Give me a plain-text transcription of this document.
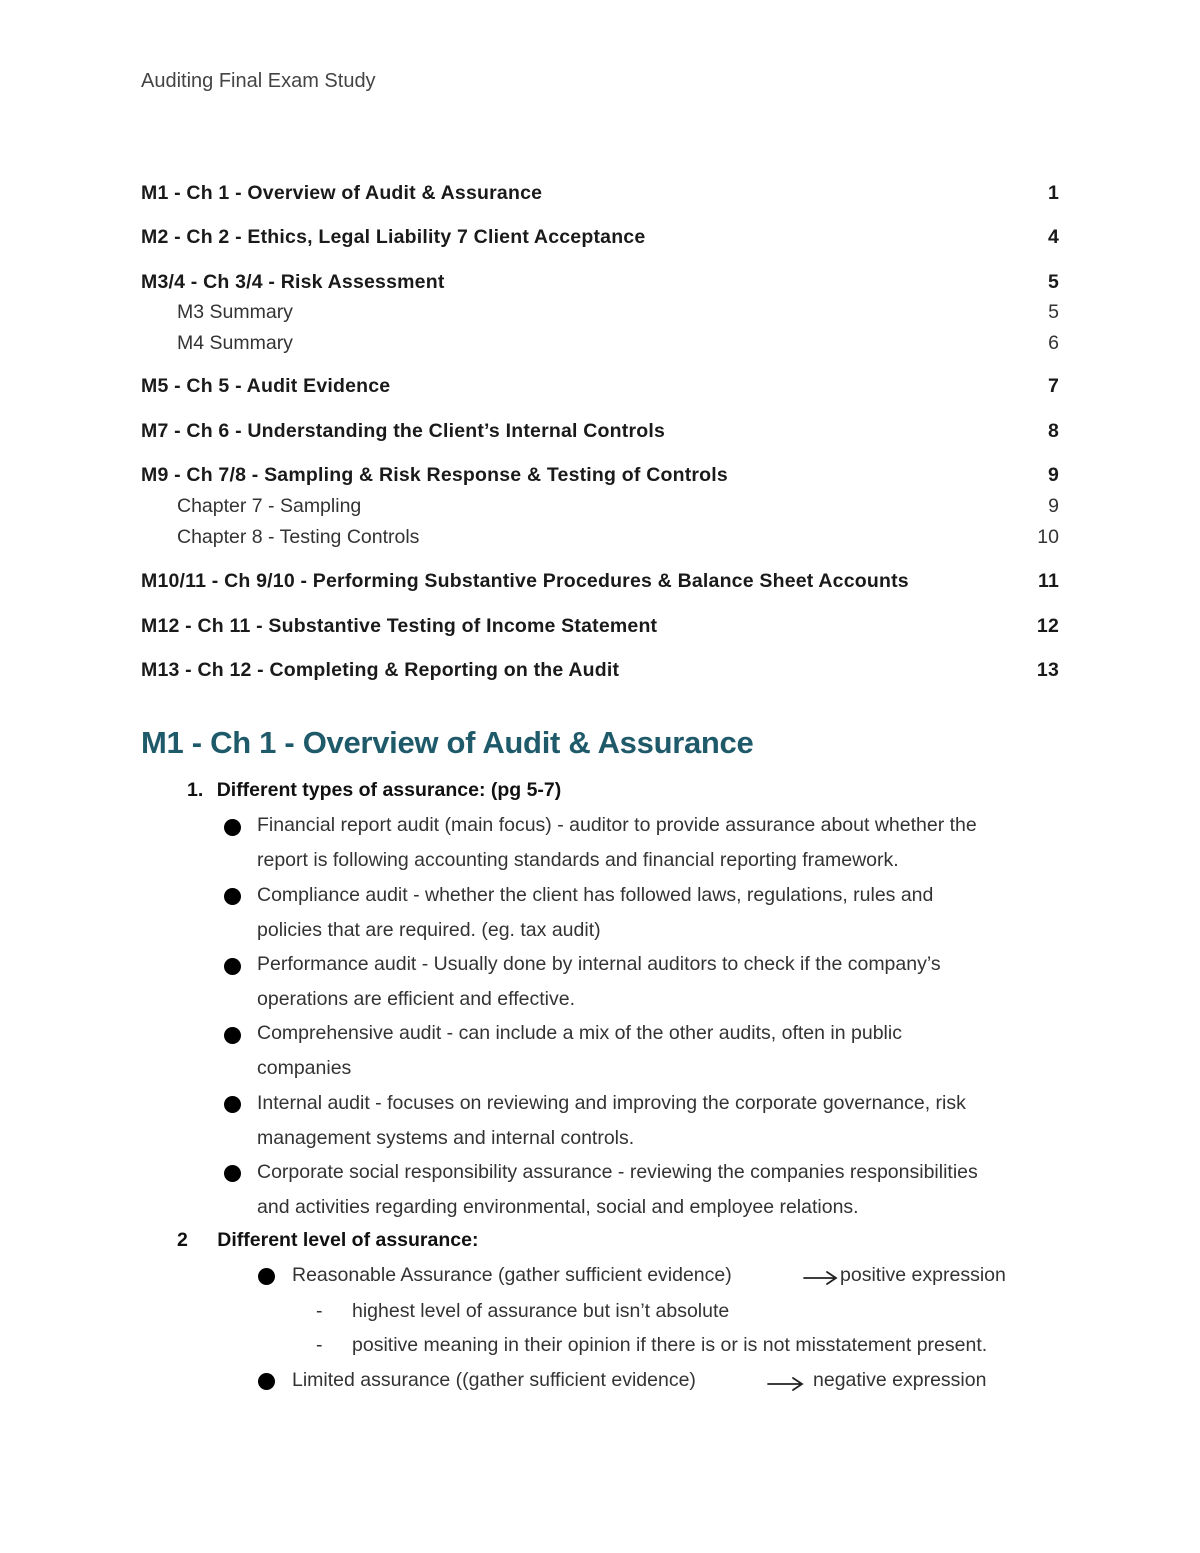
Auditing Final Exam Study
M1 - Ch 1 - Overview of Audit & Assurance	1
M2 - Ch 2 - Ethics, Legal Liability 7 Client Acceptance	4
M3/4 - Ch 3/4 - Risk Assessment	5
M3 Summary	5
M4 Summary	6
M5 - Ch 5 - Audit Evidence	7
M7 - Ch 6 - Understanding the Client’s Internal Controls	8
M9 - Ch 7/8 - Sampling & Risk Response & Testing of Controls	9
Chapter 7 - Sampling	9
Chapter 8 - Testing Controls	10
M10/11 - Ch 9/10 - Performing Substantive Procedures & Balance Sheet Accounts	11
M12 - Ch 11 - Substantive Testing of Income Statement	12
M13 - Ch 12 - Completing & Reporting on the Audit	13
M1 - Ch 1 - Overview of Audit & Assurance
1. Different types of assurance: (pg 5-7)
Financial report audit (main focus) - auditor to provide assurance about whether the
report is following accounting standards and financial reporting framework.
Compliance audit - whether the client has followed laws, regulations, rules and
policies that are required. (eg. tax audit)
Performance audit - Usually done by internal auditors to check if the company’s
operations are efficient and effective.
Comprehensive audit - can include a mix of the other audits, often in public
companies
Internal audit - focuses on reviewing and improving the corporate governance, risk
management systems and internal controls.
Corporate social responsibility assurance - reviewing the companies responsibilities
and activities regarding environmental, social and employee relations.
2 Different level of assurance:
Reasonable Assurance (gather sufficient evidence)	positive expression
- highest level of assurance but isn’t absolute
- positive meaning in their opinion if there is or is not misstatement present.
Limited assurance ((gather sufficient evidence)	negative expression
